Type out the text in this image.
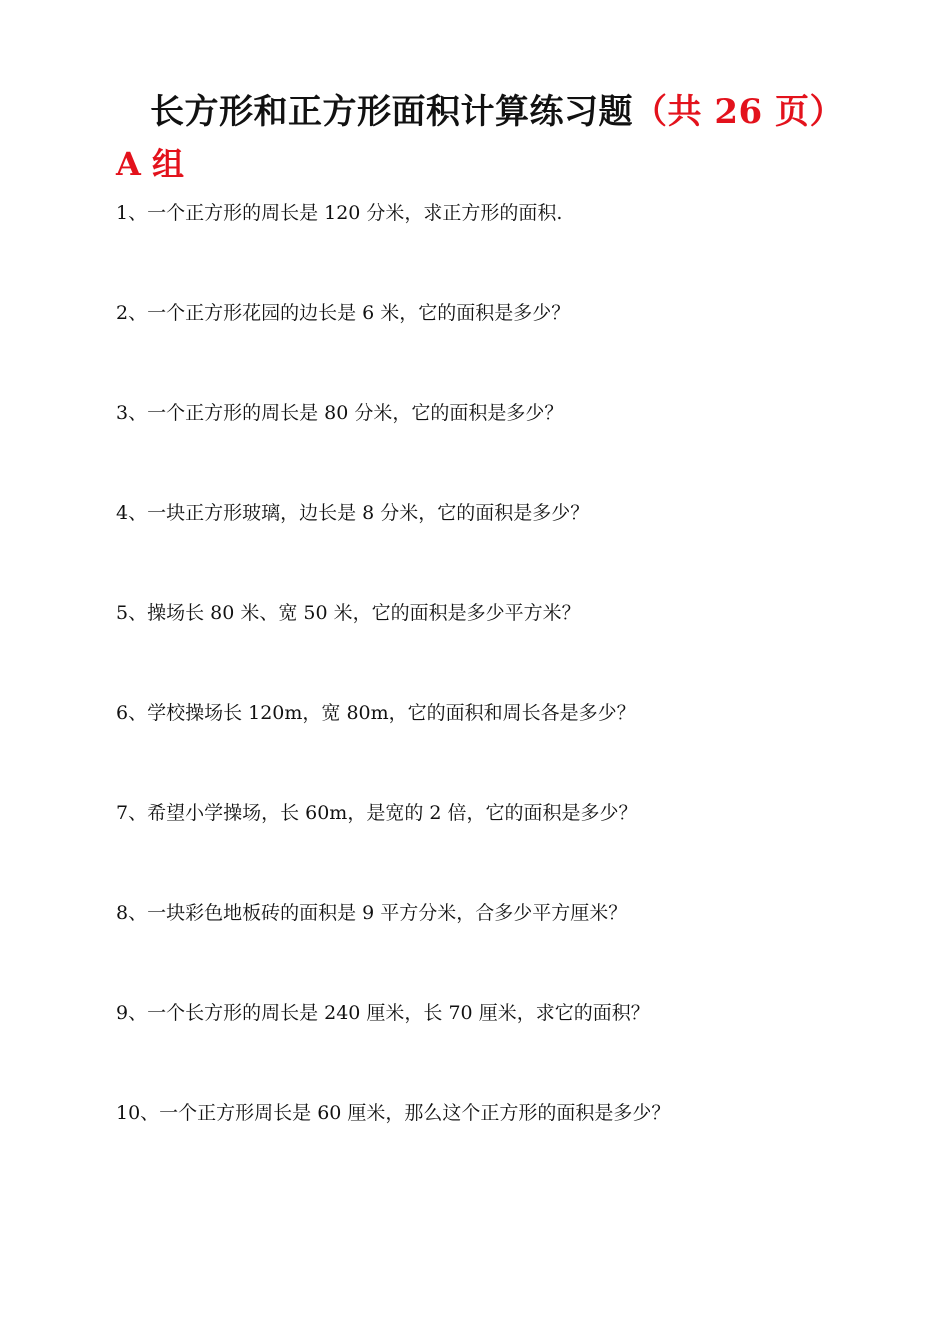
长方形和正方形面积计算练习题（共 26 页）
A 组
1、一个正方形的周长是 120 分米，求正方形的面积.
2、一个正方形花园的边长是 6 米，它的面积是多少？
3、一个正方形的周长是 80 分米，它的面积是多少？
4、一块正方形玻璃，边长是 8 分米，它的面积是多少？
5、操场长 80 米、宽 50 米，它的面积是多少平方米？
6、学校操场长 120m，宽 80m，它的面积和周长各是多少？
7、希望小学操场，长 60m，是宽的 2 倍，它的面积是多少？
8、一块彩色地板砖的面积是 9 平方分米，合多少平方厘米？
9、一个长方形的周长是 240 厘米，长 70 厘米，求它的面积？
10、一个正方形周长是 60 厘米，那么这个正方形的面积是多少？
